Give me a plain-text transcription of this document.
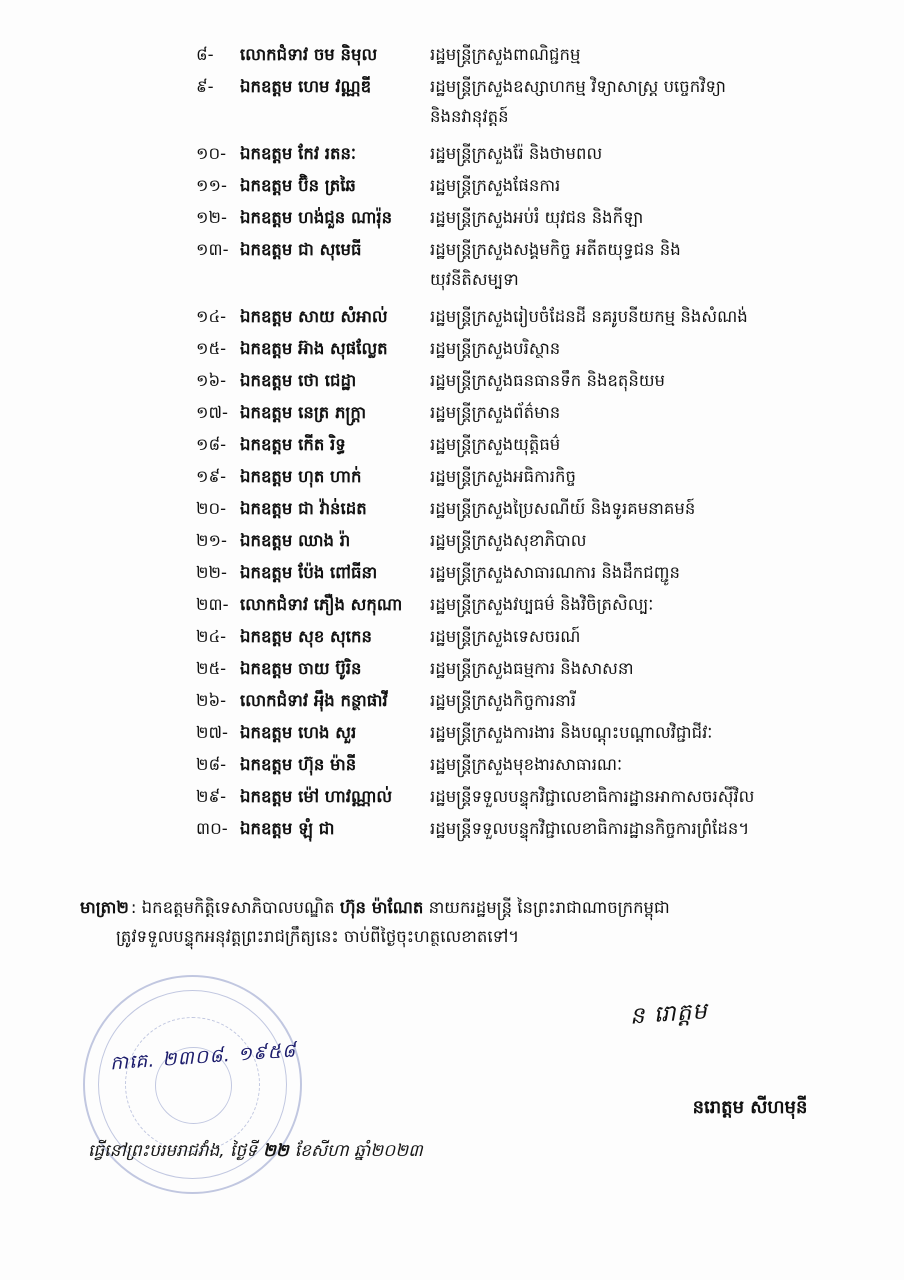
៨-	លោកជំទាវ ចម និមុល	រដ្ឋមន្ត្រីក្រសួងពាណិជ្ជកម្ម
៩-	ឯកឧត្តម ហេម វណ្ណឌី	រដ្ឋមន្ត្រីក្រសួងឧស្សាហកម្ម វិទ្យាសាស្ត្រ បច្ចេកវិទ្យា
និងនវានុវត្តន៍
១០- ឯកឧត្តម កែវ រតនៈ	រដ្ឋមន្ត្រីក្រសួងរ៉ែ និងថាមពល
១១- ឯកឧត្តម ប៊ិន ត្រឆៃ	រដ្ឋមន្ត្រីក្រសួងផែនការ
១២- ឯកឧត្តម ហង់ជួន ណារ៉ុន	រដ្ឋមន្ត្រីក្រសួងអប់រំ យុវជន និងកីឡា
១៣- ឯកឧត្តម ជា សុមេធី	រដ្ឋមន្ត្រីក្រសួងសង្គមកិច្ច អតីតយុទ្ធជន និង
យុវនីតិសម្បទា
១៤- ឯកឧត្តម សាយ សំអាល់	រដ្ឋមន្ត្រីក្រសួងរៀបចំដែនដី នគរូបនីយកម្ម និងសំណង់
១៥- ឯកឧត្តម អ៊ាង សុផល្លែត	រដ្ឋមន្ត្រីក្រសួងបរិស្ថាន
១៦- ឯកឧត្តម ថោ ជេដ្ឋា	រដ្ឋមន្ត្រីក្រសួងធនធានទឹក និងឧតុនិយម
១៧- ឯកឧត្តម នេត្រ ភក្ត្រា	រដ្ឋមន្ត្រីក្រសួងព័ត៌មាន
១៨- ឯកឧត្តម កើត រិទ្ធ	រដ្ឋមន្ត្រីក្រសួងយុត្តិធម៌
១៩- ឯកឧត្តម ហុត ហាក់	រដ្ឋមន្ត្រីក្រសួងអធិការកិច្ច
២០- ឯកឧត្តម ជា វ៉ាន់ដេត	រដ្ឋមន្ត្រីក្រសួងប្រៃសណីយ៍ និងទូរគមនាគមន៍
២១- ឯកឧត្តម ឈាង រ៉ា	រដ្ឋមន្ត្រីក្រសួងសុខាភិបាល
២២- ឯកឧត្តម ប៉ែង ពៅធីនា	រដ្ឋមន្ត្រីក្រសួងសាធារណការ និងដឹកជញ្ជូន
២៣- លោកជំទាវ ភឿង សកុណា	រដ្ឋមន្ត្រីក្រសួងវប្បធម៌ និងវិចិត្រសិល្បៈ
២៤- ឯកឧត្តម សុខ សុកេន	រដ្ឋមន្ត្រីក្រសួងទេសចរណ៍
២៥- ឯកឧត្តម ចាយ ប៊ូរិន	រដ្ឋមន្ត្រីក្រសួងធម្មការ និងសាសនា
២៦- លោកជំទាវ អុឹង កន្ថាផាវី	រដ្ឋមន្ត្រីក្រសួងកិច្ចការនារី
២៧- ឯកឧត្តម ហេង សួរ	រដ្ឋមន្ត្រីក្រសួងការងារ និងបណ្ដុះបណ្ដាលវិជ្ជាជីវៈ
២៨- ឯកឧត្តម ហ៊ុន ម៉ានី	រដ្ឋមន្ត្រីក្រសួងមុខងារសាធារណៈ
២៩- ឯកឧត្តម ម៉ៅ ហាវណ្ណាល់	រដ្ឋមន្ត្រីទទួលបន្ទុកវិជ្ជាលេខាធិការដ្ឋានអាកាសចរស៊ីវិល
៣០- ឯកឧត្តម ឡុំ ជា	រដ្ឋមន្ត្រីទទួលបន្ទុកវិជ្ជាលេខាធិការដ្ឋានកិច្ចការព្រំដែន។
មាត្រា២ : ឯកឧត្តមកិត្តិទេសាភិបាលបណ្ឌិត ហ៊ុន ម៉ាណែត នាយករដ្ឋមន្ត្រី នៃព្រះរាជាណាចក្រកម្ពុជា
ត្រូវទទួលបន្ទុកអនុវត្តព្រះរាជក្រឹត្យនេះ ចាប់ពីថ្ងៃចុះហត្ថលេខាតទៅ។
កាគេ. ២៣០៨. ១៩៥៨
ន រោត្តម
នរោត្តម សីហមុនី
ធ្វើនៅព្រះបរមរាជវាំង, ថ្ងៃទី ២២ ខែសីហា ឆ្នាំ២០២៣
